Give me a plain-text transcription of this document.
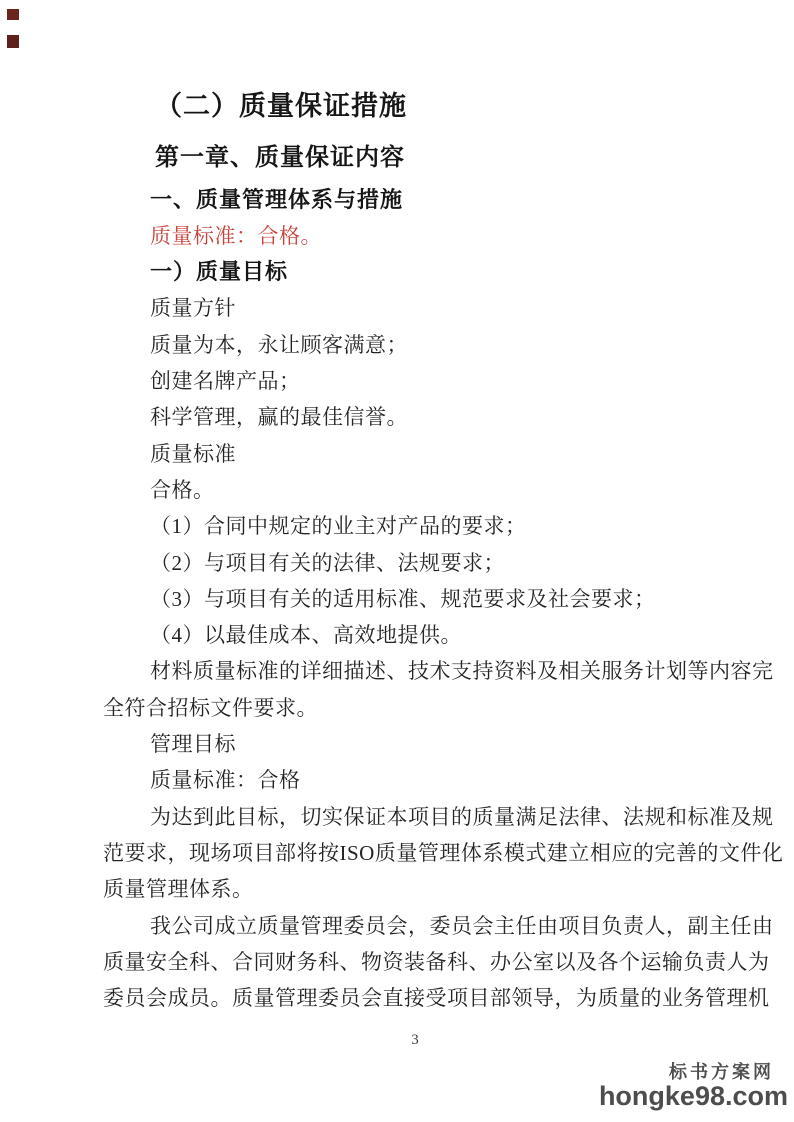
（二）质量保证措施
第一章、质量保证内容
一、质量管理体系与措施
质量标准：合格。
一）质量目标
质量方针
质量为本，永让顾客满意；
创建名牌产品；
科学管理，赢的最佳信誉。
质量标准
合格。
（1）合同中规定的业主对产品的要求；
（2）与项目有关的法律、法规要求；
（3）与项目有关的适用标准、规范要求及社会要求；
（4）以最佳成本、高效地提供。
材料质量标准的详细描述、技术支持资料及相关服务计划等内容完
全符合招标文件要求。
管理目标
质量标准：合格
为达到此目标，切实保证本项目的质量满足法律、法规和标准及规
范要求，现场项目部将按ISO质量管理体系模式建立相应的完善的文件化
质量管理体系。
我公司成立质量管理委员会，委员会主任由项目负责人，副主任由
质量安全科、合同财务科、物资装备科、办公室以及各个运输负责人为
委员会成员。质量管理委员会直接受项目部领导，为质量的业务管理机
3
标书方案网
hongke98.com
